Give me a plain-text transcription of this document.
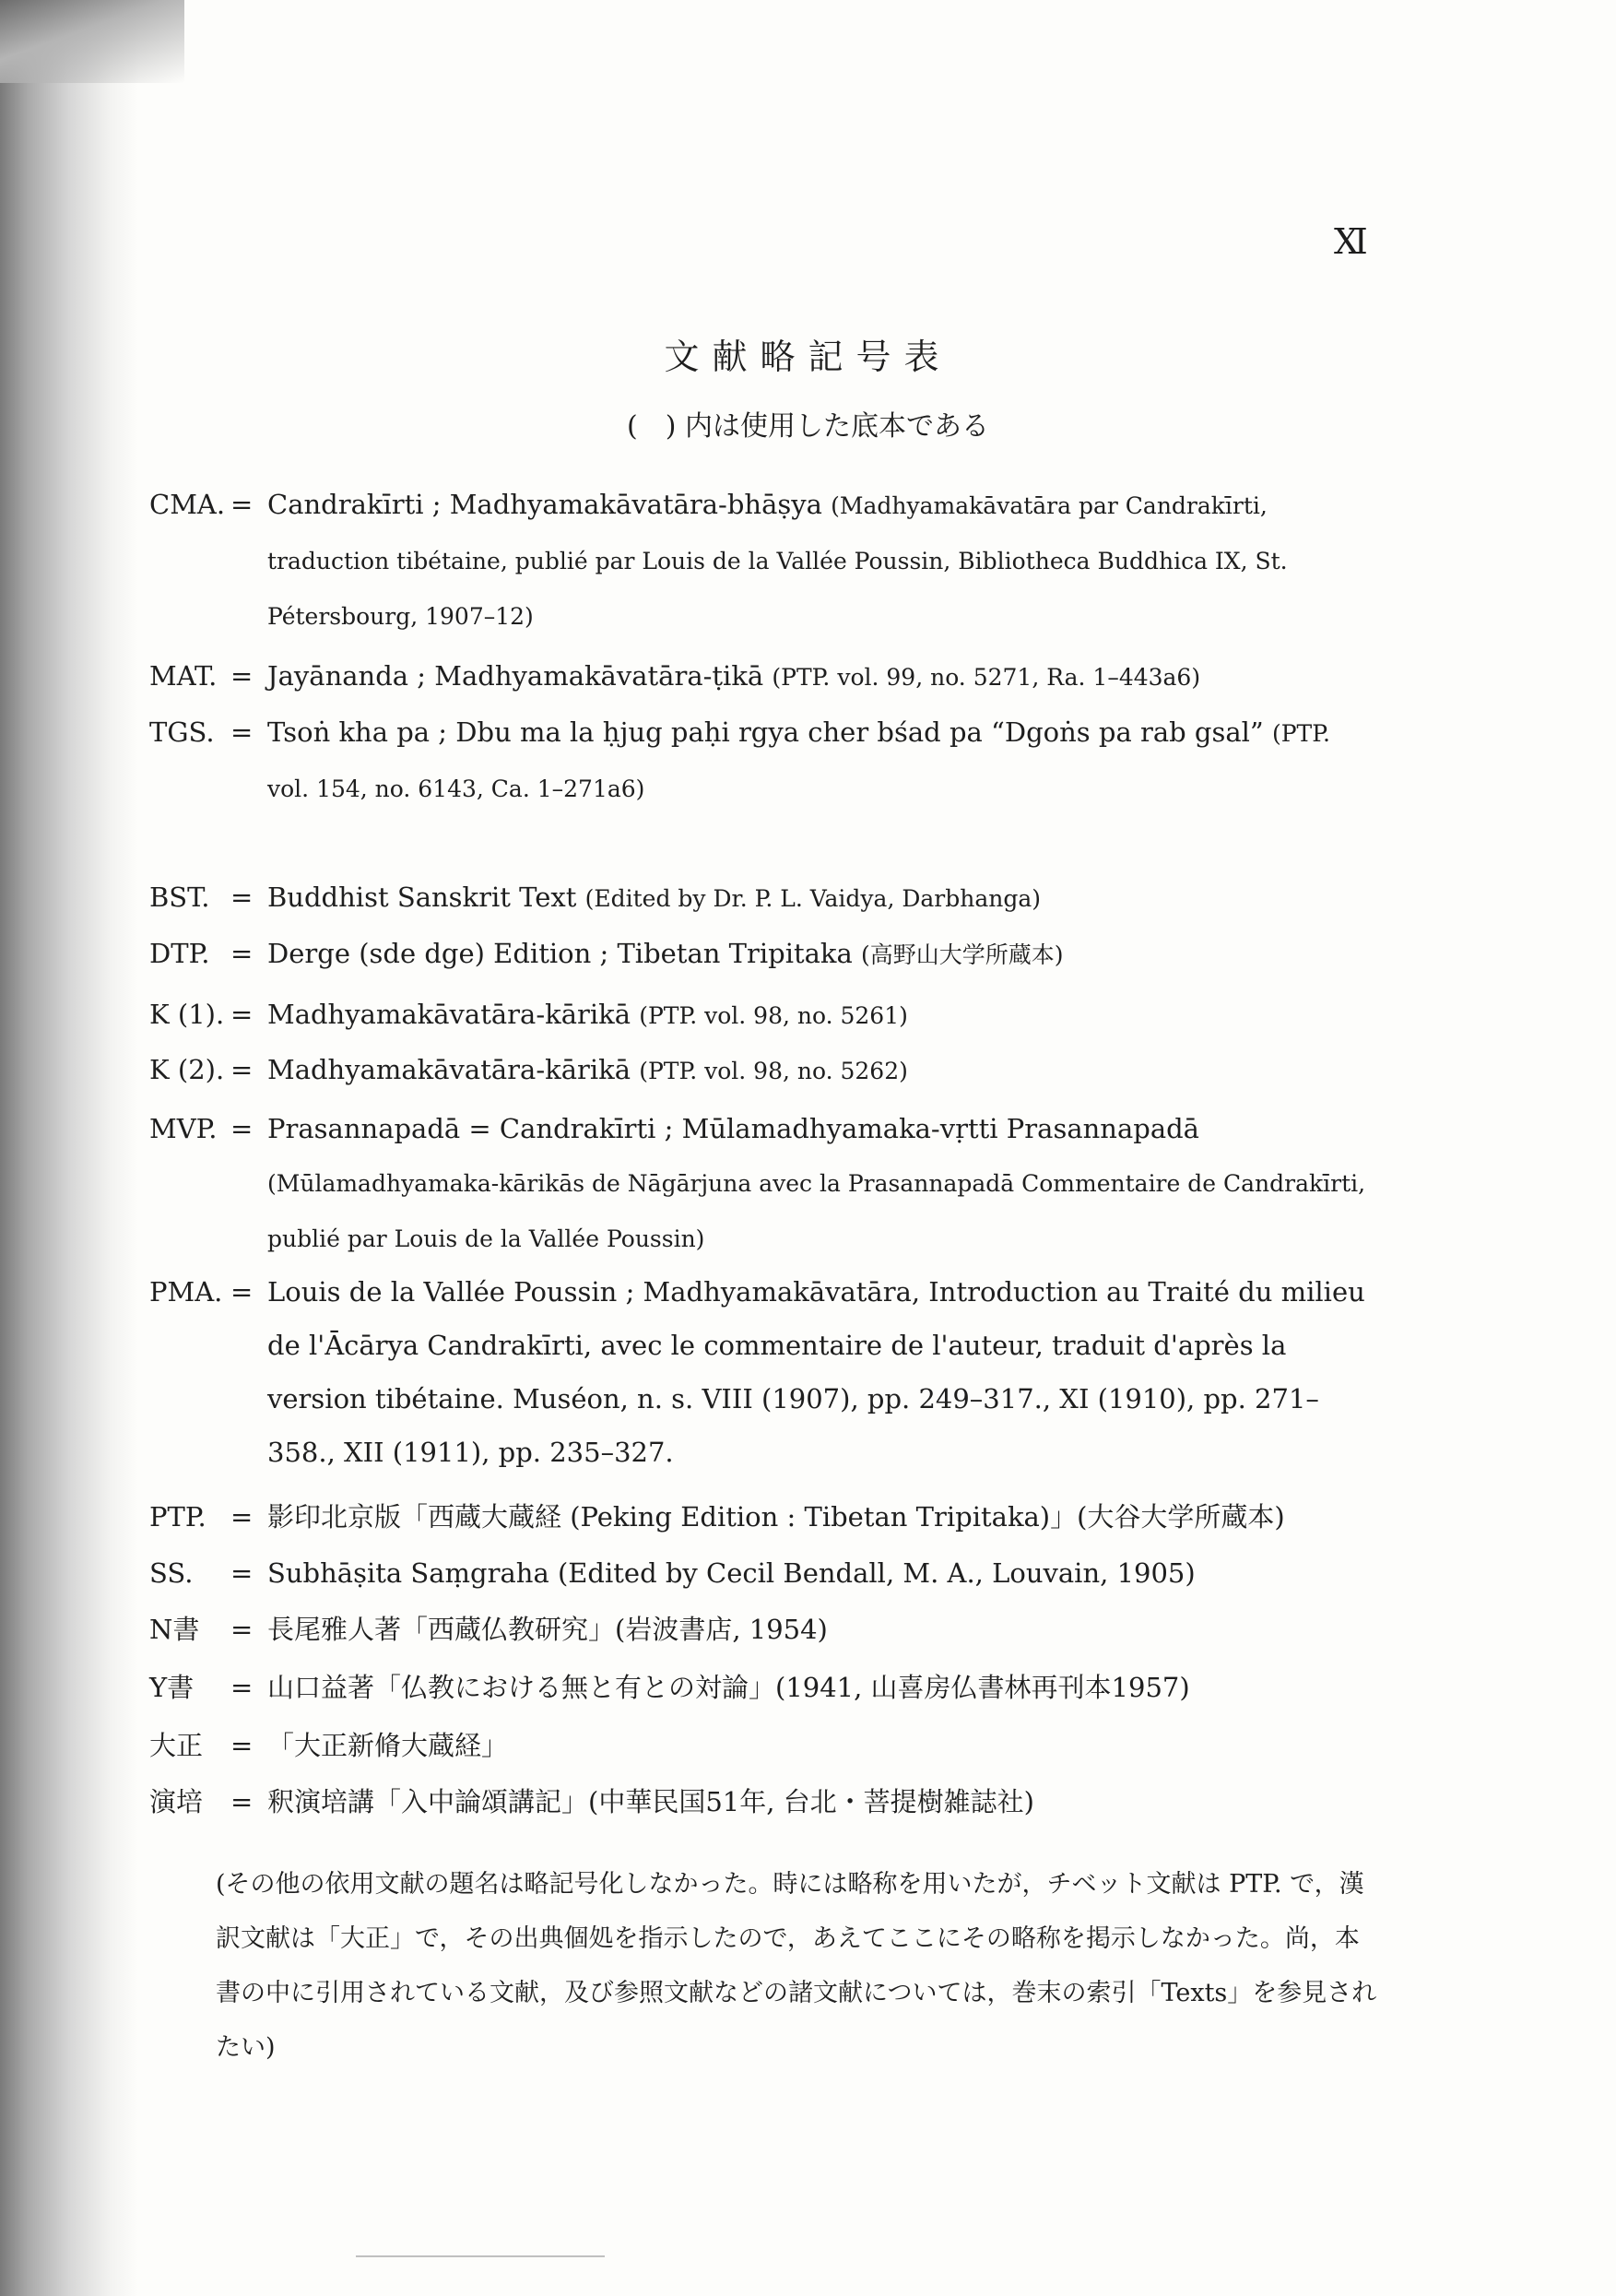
Ⅺ
文献略記号表
(　) 内は使用した底本である
CMA. = Candrakīrti ; Madhyamakāvatāra-bhāṣya (Madhyamakāvatāra par Candrakīrti, traduction tibétaine, publié par Louis de la Vallée Poussin, Bibliotheca Buddhica IX, St. Pétersbourg, 1907–12)
MAT. = Jayānanda ; Madhyamakāvatāra-ṭikā (PTP. vol. 99, no. 5271, Ra. 1–443a6)
TGS. = Tsoṅ kha pa ; Dbu ma la ḥjug paḥi rgya cher bśad pa “Dgoṅs pa rab gsal” (PTP. vol. 154, no. 6143, Ca. 1–271a6)
BST. = Buddhist Sanskrit Text (Edited by Dr. P. L. Vaidya, Darbhanga)
DTP. = Derge (sde dge) Edition ; Tibetan Tripitaka (高野山大学所蔵本)
K (1). = Madhyamakāvatāra-kārikā (PTP. vol. 98, no. 5261)
K (2). = Madhyamakāvatāra-kārikā (PTP. vol. 98, no. 5262)
MVP. = Prasannapadā = Candrakīrti ; Mūlamadhyamaka-vṛtti Prasannapadā (Mūlamadhyamaka-kārikās de Nāgārjuna avec la Prasannapadā Commentaire de Candrakīrti, publié par Louis de la Vallée Poussin)
PMA. = Louis de la Vallée Poussin ; Madhyamakāvatāra, Introduction au Traité du milieu de l'Ācārya Candrakīrti, avec le commentaire de l'auteur, traduit d'après la version tibétaine. Muséon, n. s. VIII (1907), pp. 249–317., XI (1910), pp. 271–358., XII (1911), pp. 235–327.
PTP. = 影印北京版「西蔵大蔵経 (Peking Edition : Tibetan Tripitaka)」(大谷大学所蔵本)
SS. = Subhāṣita Saṃgraha (Edited by Cecil Bendall, M. A., Louvain, 1905)
N書 = 長尾雅人著「西蔵仏教研究」(岩波書店, 1954)
Y書 = 山口益著「仏教における無と有との対論」(1941, 山喜房仏書林再刊本1957)
大正 = 「大正新脩大蔵経」
演培 = 釈演培講「入中論頌講記」(中華民国51年, 台北・菩提樹雑誌社)
(その他の依用文献の題名は略記号化しなかった。時には略称を用いたが，チベット文献は PTP. で，漢訳文献は「大正」で，その出典個処を指示したので，あえてここにその略称を掲示しなかった。尚，本書の中に引用されている文献，及び参照文献などの諸文献については，巻末の索引「Texts」を参見されたい)
